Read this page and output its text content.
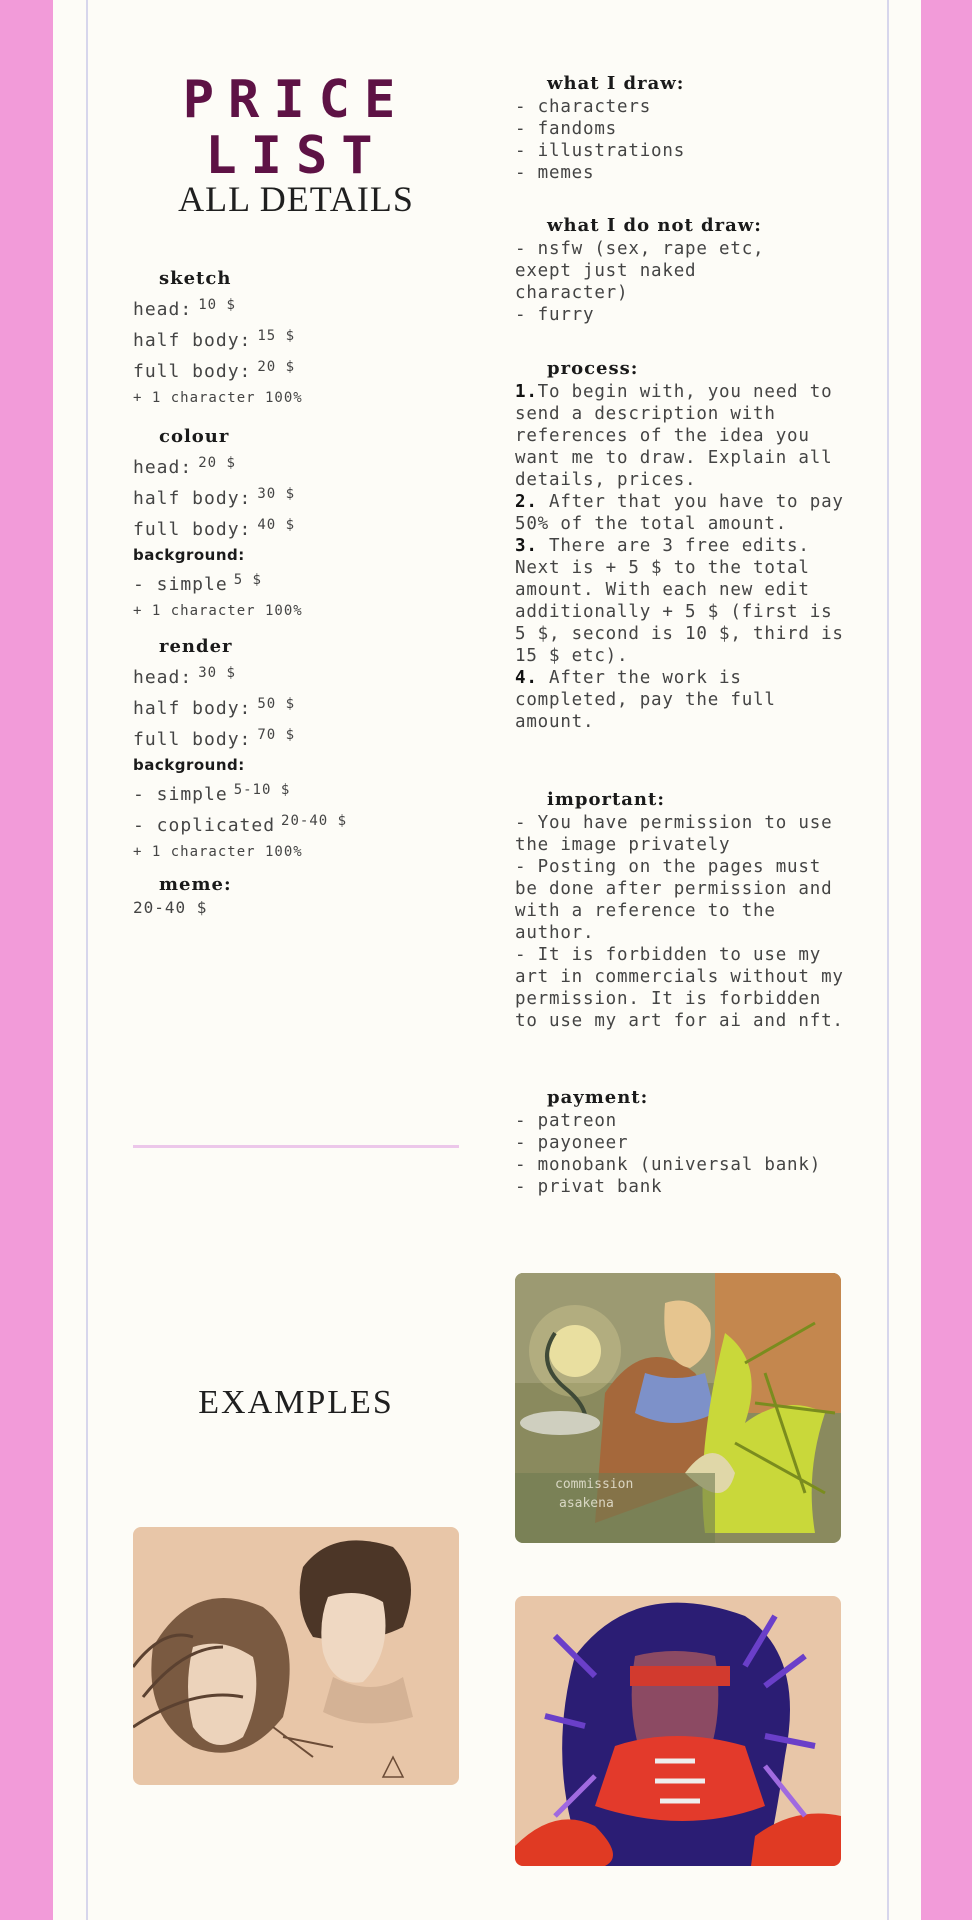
PRICE
LIST
ALL DETAILS
sketch
head: $^{10 \$}$
half body: $^{15 \$}$
full body: $^{20 \$}$
+ 1 character 100%
colour
head: $^{20 \$}$
half body: $^{30 \$}$
full body: $^{40 \$}$
background:
- simple $^{5 \$}$
+ 1 character 100%
render
head: $^{30 \$}$
half body: $^{50 \$}$
full body: $^{70 \$}$
background:
- simple $^{5-10 \$}$
- coplicated $^{20-40 \$}$
+ 1 character 100%
meme:
20-40 $
what I draw:
- characters
- fandoms
- illustrations
- memes
what I do not draw:
- nsfw (sex, rape etc,
exept just naked
character)
- furry
process:
1.To begin with, you need to send a description with references of the idea you want me to draw. Explain all details, prices.
2. After that you have to pay 50% of the total amount.
3. There are 3 free edits. Next is + 5 $ to the total amount. With each new edit additionally + 5 $ (first is 5 $, second is 10 $, third is 15 $ etc).
4. After the work is completed, pay the full amount.
important:
- You have permission to use the image privately
- Posting on the pages must be done after permission and with a reference to the author.
- It is forbidden to use my art in commercials without my permission. It is forbidden to use my art for ai and nft.
payment:
- patreon
- payoneer
- monobank (universal bank)
- privat bank
EXAMPLES
commission
asakena
